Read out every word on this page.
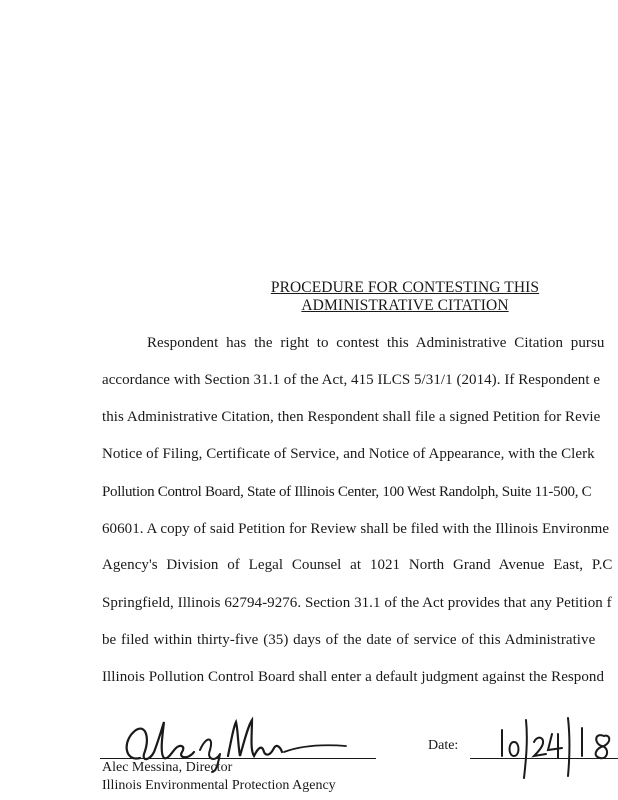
PROCEDURE FOR CONTESTING THIS
ADMINISTRATIVE CITATION
Respondent has the right to contest this Administrative Citation pursu
accordance with Section 31.1 of the Act, 415 ILCS 5/31/1 (2014). If Respondent e
this Administrative Citation, then Respondent shall file a signed Petition for Revie
Notice of Filing, Certificate of Service, and Notice of Appearance, with the Clerk
Pollution Control Board, State of Illinois Center, 100 West Randolph, Suite 11-500, C
60601. A copy of said Petition for Review shall be filed with the Illinois Environme
Agency's Division of Legal Counsel at 1021 North Grand Avenue East, P.C
Springfield, Illinois 62794-9276. Section 31.1 of the Act provides that any Petition f
be filed within thirty-five (35) days of the date of service of this Administrative
Illinois Pollution Control Board shall enter a default judgment against the Respond
Alec Messina, Director
Illinois Environmental Protection Agency
Date:
